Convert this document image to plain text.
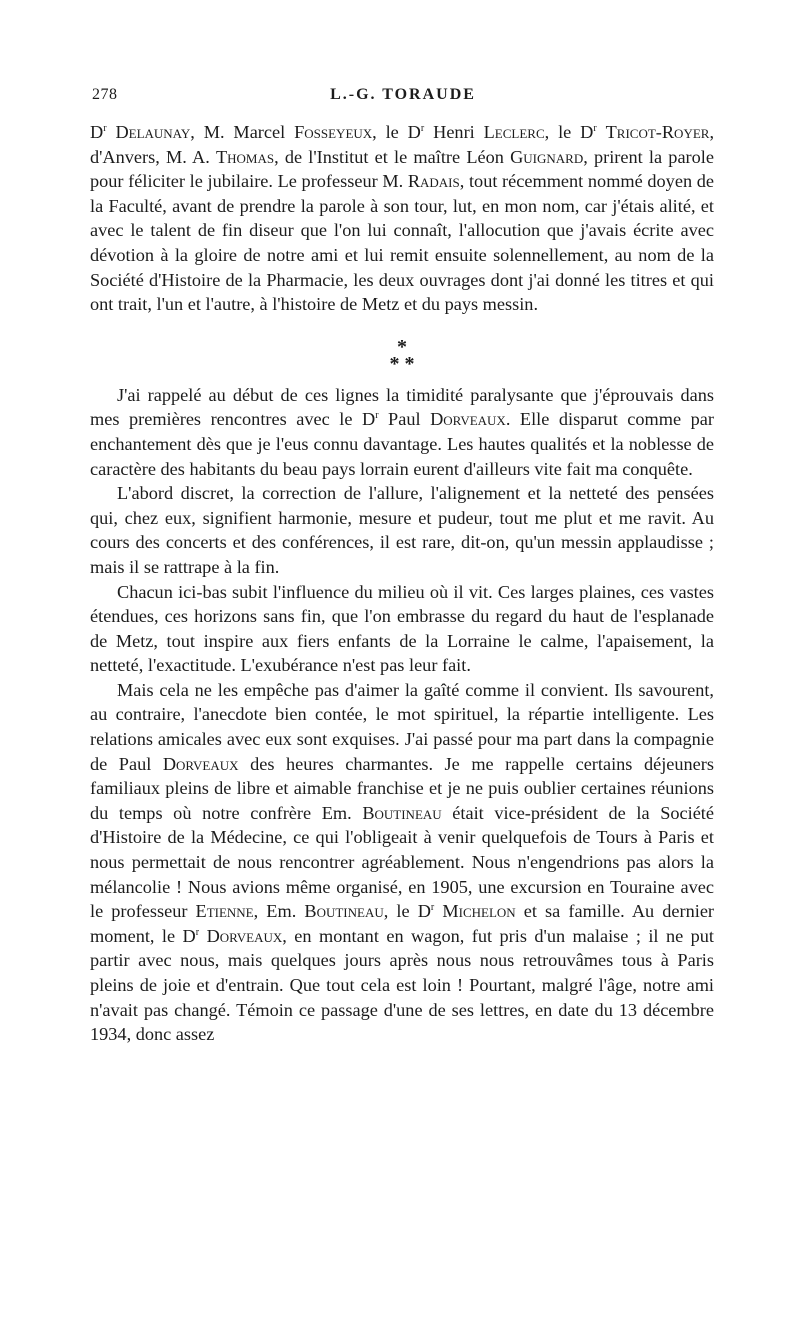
278	L.-G. TORAUDE

$D^r$ Delaunay, M. Marcel Fosseyeux, le $D^r$ Henri Leclerc, le $D^r$ Tricot-Royer, d'Anvers, M. A. Thomas, de l'Institut et le maître Léon Guignard, prirent la parole pour féliciter le jubilaire. Le professeur M. Radais, tout récemment nommé doyen de la Faculté, avant de prendre la parole à son tour, lut, en mon nom, car j'étais alité, et avec le talent de fin diseur que l'on lui connaît, l'allocution que j'avais écrite avec dévotion à la gloire de notre ami et lui remit ensuite solennellement, au nom de la Société d'Histoire de la Pharmacie, les deux ouvrages dont j'ai donné les titres et qui ont trait, l'un et l'autre, à l'histoire de Metz et du pays messin.

*
* *

J'ai rappelé au début de ces lignes la timidité paralysante que j'éprouvais dans mes premières rencontres avec le $D^r$ Paul Dorveaux. Elle disparut comme par enchantement dès que je l'eus connu davantage. Les hautes qualités et la noblesse de caractère des habitants du beau pays lorrain eurent d'ailleurs vite fait ma conquête.

L'abord discret, la correction de l'allure, l'alignement et la netteté des pensées qui, chez eux, signifient harmonie, mesure et pudeur, tout me plut et me ravit. Au cours des concerts et des conférences, il est rare, dit-on, qu'un messin applaudisse ; mais il se rattrape à la fin.

Chacun ici-bas subit l'influence du milieu où il vit. Ces larges plaines, ces vastes étendues, ces horizons sans fin, que l'on embrasse du regard du haut de l'esplanade de Metz, tout inspire aux fiers enfants de la Lorraine le calme, l'apaisement, la netteté, l'exactitude. L'exubérance n'est pas leur fait.

Mais cela ne les empêche pas d'aimer la gaîté comme il convient. Ils savourent, au contraire, l'anecdote bien contée, le mot spirituel, la répartie intelligente. Les relations amicales avec eux sont exquises. J'ai passé pour ma part dans la compagnie de Paul Dorveaux des heures charmantes. Je me rappelle certains déjeuners familiaux pleins de libre et aimable franchise et je ne puis oublier certaines réunions du temps où notre confrère Em. Boutineau était vice-président de la Société d'Histoire de la Médecine, ce qui l'obligeait à venir quelquefois de Tours à Paris et nous permettait de nous rencontrer agréablement. Nous n'engendrions pas alors la mélancolie ! Nous avions même organisé, en 1905, une excursion en Touraine avec le professeur Etienne, Em. Boutineau, le $D^r$ Michelon et sa famille. Au dernier moment, le $D^r$ Dorveaux, en montant en wagon, fut pris d'un malaise ; il ne put partir avec nous, mais quelques jours après nous nous retrouvâmes tous à Paris pleins de joie et d'entrain. Que tout cela est loin ! Pourtant, malgré l'âge, notre ami n'avait pas changé. Témoin ce passage d'une de ses lettres, en date du 13 décembre 1934, donc assez
